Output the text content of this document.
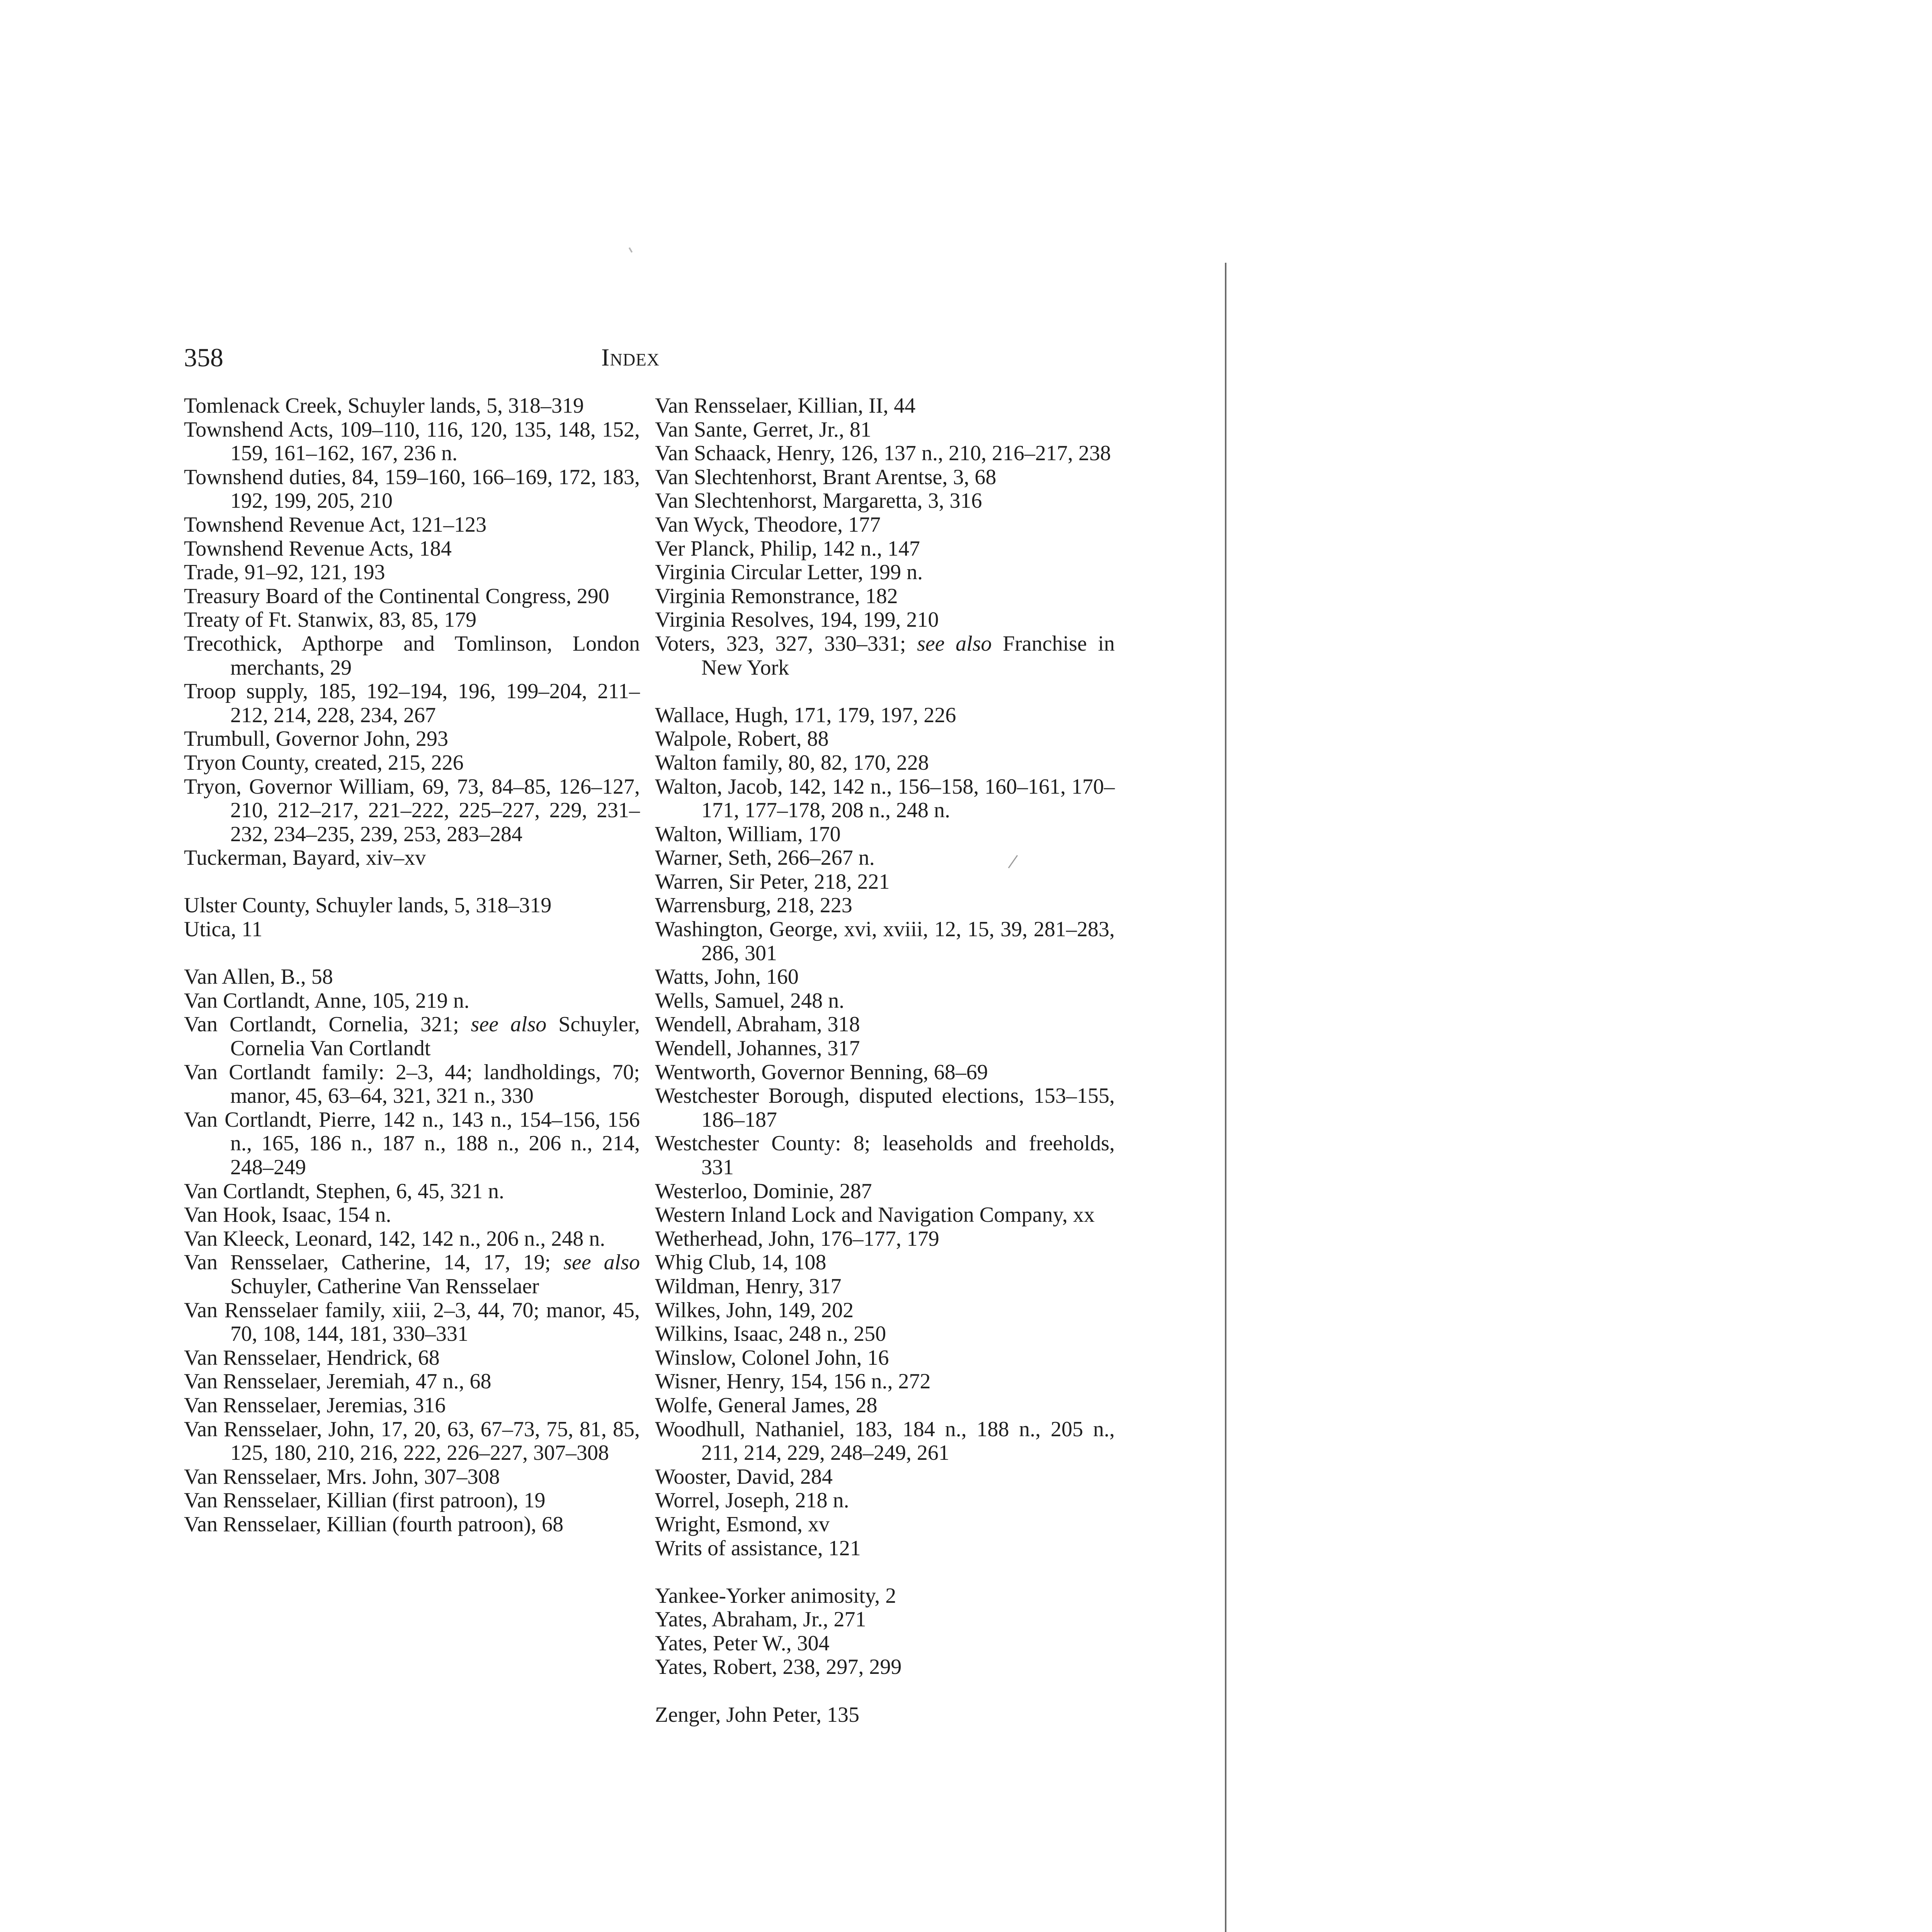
358	Index
Tomlenack Creek, Schuyler lands, 5, 318–319
Townshend Acts, 109–110, 116, 120, 135, 148, 152, 159, 161–162, 167, 236 n.
Townshend duties, 84, 159–160, 166–169, 172, 183, 192, 199, 205, 210
Townshend Revenue Act, 121–123
Townshend Revenue Acts, 184
Trade, 91–92, 121, 193
Treasury Board of the Continental Congress, 290
Treaty of Ft. Stanwix, 83, 85, 179
Trecothick, Apthorpe and Tomlinson, London merchants, 29
Troop supply, 185, 192–194, 196, 199–204, 211–212, 214, 228, 234, 267
Trumbull, Governor John, 293
Tryon County, created, 215, 226
Tryon, Governor William, 69, 73, 84–85, 126–127, 210, 212–217, 221–222, 225–227, 229, 231–232, 234–235, 239, 253, 283–284
Tuckerman, Bayard, xiv–xv
Ulster County, Schuyler lands, 5, 318–319
Utica, 11
Van Allen, B., 58
Van Cortlandt, Anne, 105, 219 n.
Van Cortlandt, Cornelia, 321; see also Schuyler, Cornelia Van Cortlandt
Van Cortlandt family: 2–3, 44; landholdings, 70; manor, 45, 63–64, 321, 321 n., 330
Van Cortlandt, Pierre, 142 n., 143 n., 154–156, 156 n., 165, 186 n., 187 n., 188 n., 206 n., 214, 248–249
Van Cortlandt, Stephen, 6, 45, 321 n.
Van Hook, Isaac, 154 n.
Van Kleeck, Leonard, 142, 142 n., 206 n., 248 n.
Van Rensselaer, Catherine, 14, 17, 19; see also Schuyler, Catherine Van Rensselaer
Van Rensselaer family, xiii, 2–3, 44, 70; manor, 45, 70, 108, 144, 181, 330–331
Van Rensselaer, Hendrick, 68
Van Rensselaer, Jeremiah, 47 n., 68
Van Rensselaer, Jeremias, 316
Van Rensselaer, John, 17, 20, 63, 67–73, 75, 81, 85, 125, 180, 210, 216, 222, 226–227, 307–308
Van Rensselaer, Mrs. John, 307–308
Van Rensselaer, Killian (first patroon), 19
Van Rensselaer, Killian (fourth patroon), 68
Van Rensselaer, Killian, II, 44
Van Sante, Gerret, Jr., 81
Van Schaack, Henry, 126, 137 n., 210, 216–217, 238
Van Slechtenhorst, Brant Arentse, 3, 68
Van Slechtenhorst, Margaretta, 3, 316
Van Wyck, Theodore, 177
Ver Planck, Philip, 142 n., 147
Virginia Circular Letter, 199 n.
Virginia Remonstrance, 182
Virginia Resolves, 194, 199, 210
Voters, 323, 327, 330–331; see also Franchise in New York
Wallace, Hugh, 171, 179, 197, 226
Walpole, Robert, 88
Walton family, 80, 82, 170, 228
Walton, Jacob, 142, 142 n., 156–158, 160–161, 170–171, 177–178, 208 n., 248 n.
Walton, William, 170
Warner, Seth, 266–267 n.
Warren, Sir Peter, 218, 221
Warrensburg, 218, 223
Washington, George, xvi, xviii, 12, 15, 39, 281–283, 286, 301
Watts, John, 160
Wells, Samuel, 248 n.
Wendell, Abraham, 318
Wendell, Johannes, 317
Wentworth, Governor Benning, 68–69
Westchester Borough, disputed elections, 153–155, 186–187
Westchester County: 8; leaseholds and freeholds, 331
Westerloo, Dominie, 287
Western Inland Lock and Navigation Company, xx
Wetherhead, John, 176–177, 179
Whig Club, 14, 108
Wildman, Henry, 317
Wilkes, John, 149, 202
Wilkins, Isaac, 248 n., 250
Winslow, Colonel John, 16
Wisner, Henry, 154, 156 n., 272
Wolfe, General James, 28
Woodhull, Nathaniel, 183, 184 n., 188 n., 205 n., 211, 214, 229, 248–249, 261
Wooster, David, 284
Worrel, Joseph, 218 n.
Wright, Esmond, xv
Writs of assistance, 121
Yankee-Yorker animosity, 2
Yates, Abraham, Jr., 271
Yates, Peter W., 304
Yates, Robert, 238, 297, 299
Zenger, John Peter, 135
